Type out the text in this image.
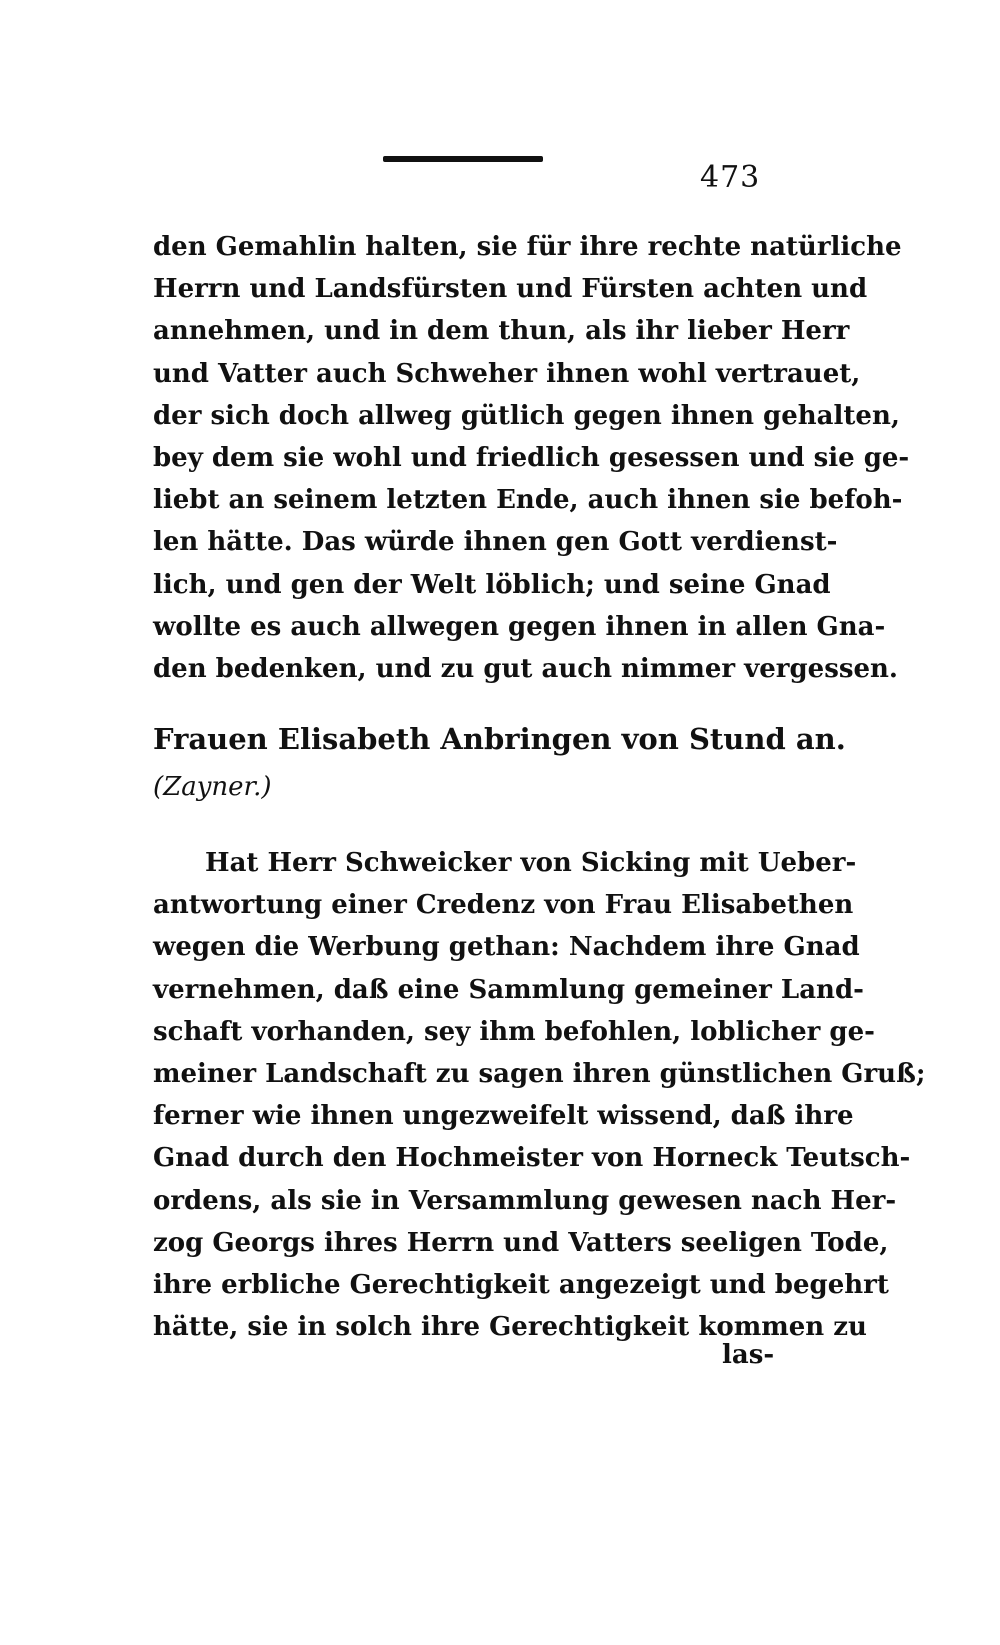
473
den Gemahlin halten, sie für ihre rechte natürliche
Herrn und Landsfürsten und Fürsten achten und
annehmen, und in dem thun, als ihr lieber Herr
und Vatter auch Schweher ihnen wohl vertrauet,
der sich doch allweg gütlich gegen ihnen gehalten,
bey dem sie wohl und friedlich gesessen und sie ge-
liebt an seinem letzten Ende, auch ihnen sie befoh-
len hätte. Das würde ihnen gen Gott verdienst-
lich, und gen der Welt löblich; und seine Gnad
wollte es auch allwegen gegen ihnen in allen Gna-
den bedenken, und zu gut auch nimmer vergessen.
Frauen Elisabeth Anbringen von Stund an.
(Zayner.)
Hat Herr Schweicker von Sicking mit Ueber-
antwortung einer Credenz von Frau Elisabethen
wegen die Werbung gethan: Nachdem ihre Gnad
vernehmen, daß eine Sammlung gemeiner Land-
schaft vorhanden, sey ihm befohlen, loblicher ge-
meiner Landschaft zu sagen ihren günstlichen Gruß;
ferner wie ihnen ungezweifelt wissend, daß ihre
Gnad durch den Hochmeister von Horneck Teutsch-
ordens, als sie in Versammlung gewesen nach Her-
zog Georgs ihres Herrn und Vatters seeligen Tode,
ihre erbliche Gerechtigkeit angezeigt und begehrt
hätte, sie in solch ihre Gerechtigkeit kommen zu
las-
